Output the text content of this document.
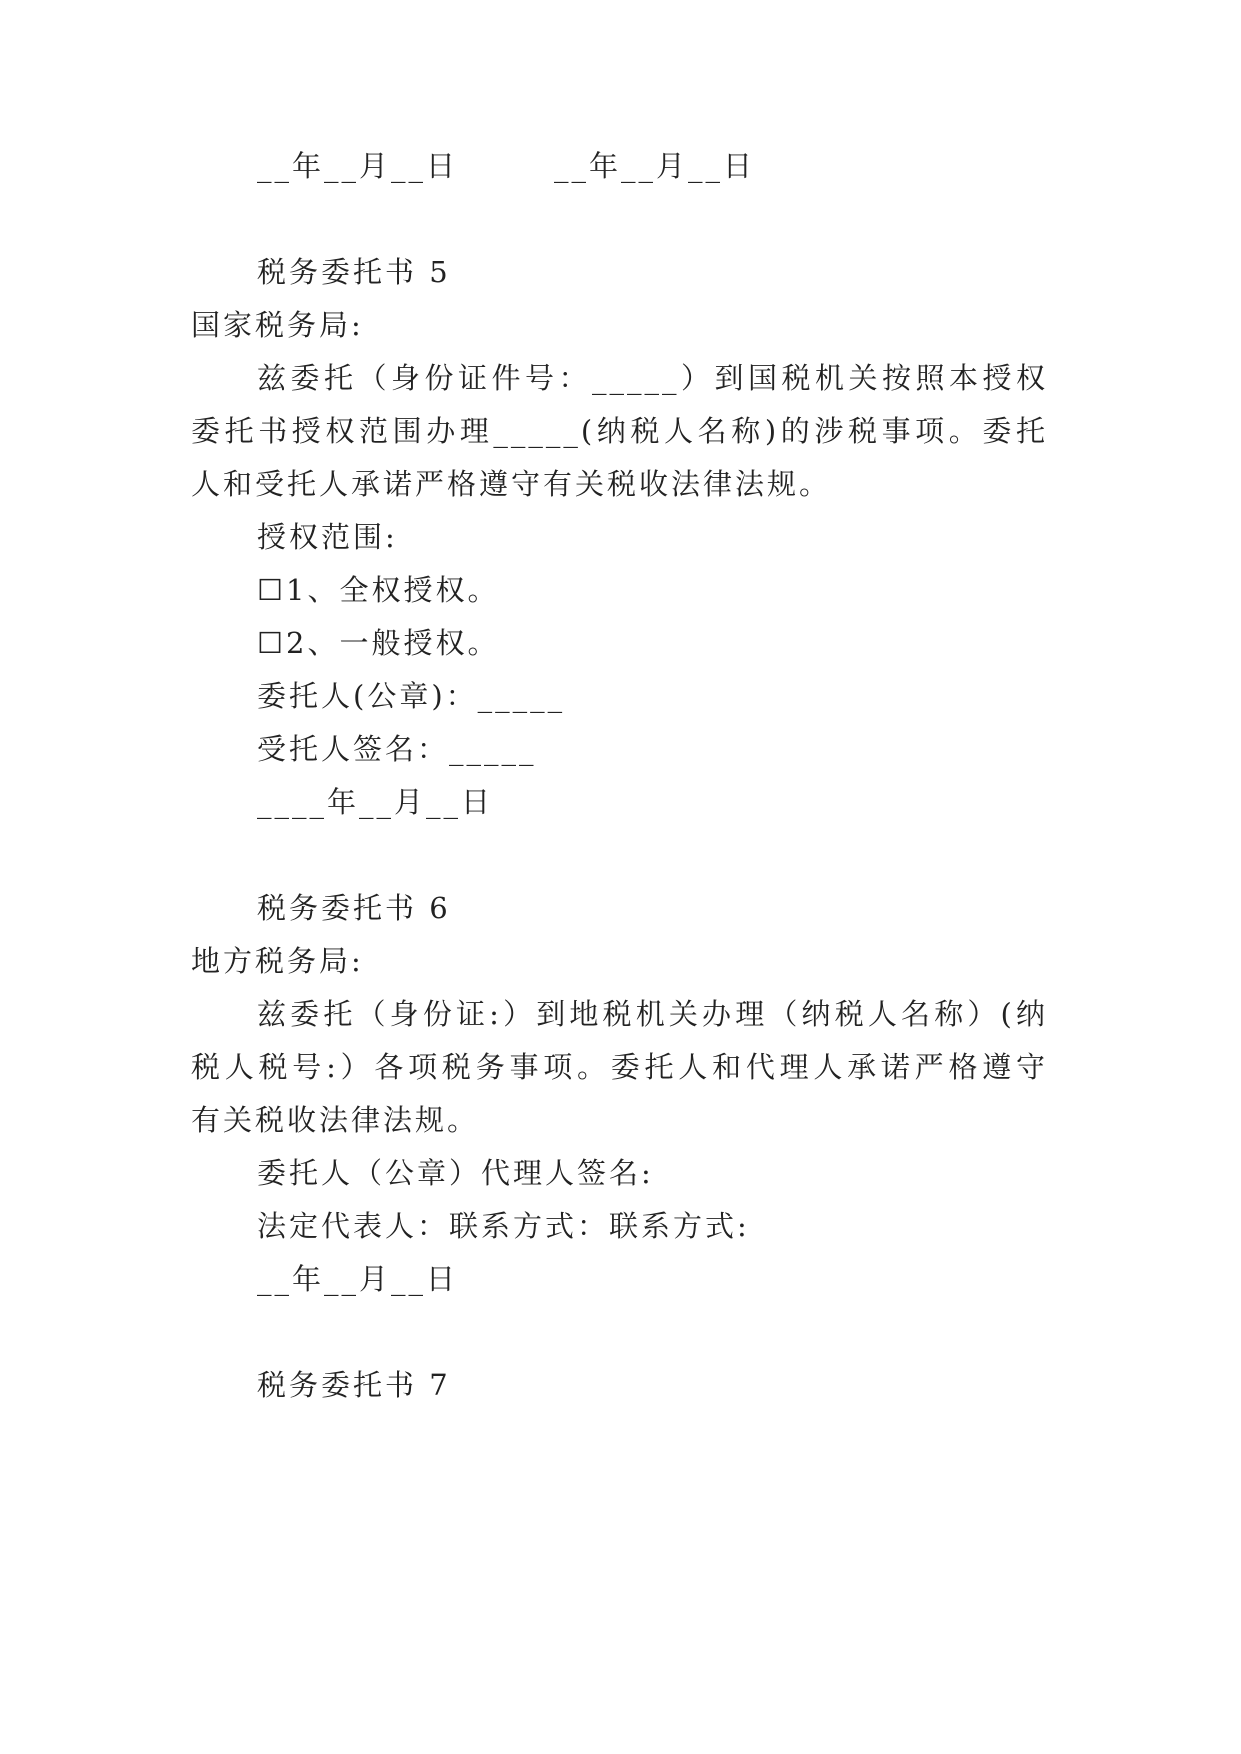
__年__月__日　　　__年__月__日
税务委托书 5
国家税务局:
兹委托（身份证件号：_____）到国税机关按照本授权
委托书授权范围办理_____(纳税人名称)的涉税事项。委托
人和受托人承诺严格遵守有关税收法律法规。
授权范围:
☐1、全权授权。
☐2、一般授权。
委托人(公章)：_____
受托人签名：_____
____年__月__日
税务委托书 6
地方税务局:
兹委托（身份证:）到地税机关办理（纳税人名称）(纳
税人税号:）各项税务事项。委托人和代理人承诺严格遵守
有关税收法律法规。
委托人（公章）代理人签名:
法定代表人：联系方式：联系方式:
__年__月__日
税务委托书 7
